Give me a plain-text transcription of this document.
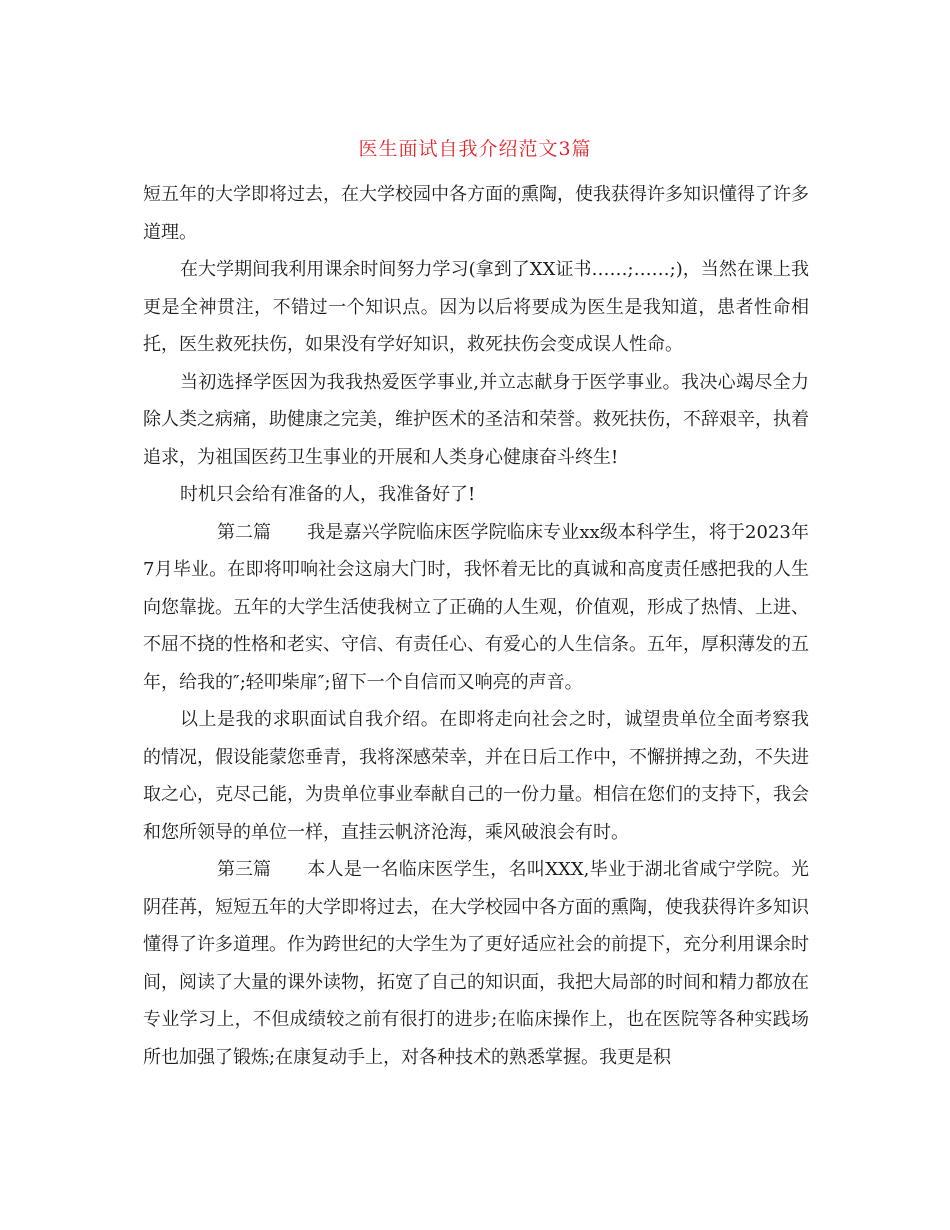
医生面试自我介绍范文3篇

短五年的大学即将过去，在大学校园中各方面的熏陶，使我获得许多知识懂得了许多道理。

在大学期间我利用课余时间努力学习(拿到了XX证书……;……;)，当然在课上我更是全神贯注，不错过一个知识点。因为以后将要成为医生是我知道，患者性命相托，医生救死扶伤，如果没有学好知识，救死扶伤会变成误人性命。

当初选择学医因为我我热爱医学事业,并立志献身于医学事业。我决心竭尽全力除人类之病痛，助健康之完美，维护医术的圣洁和荣誉。救死扶伤，不辞艰辛，执着追求，为祖国医药卫生事业的开展和人类身心健康奋斗终生!

时机只会给有准备的人，我准备好了!

第二篇 我是嘉兴学院临床医学院临床专业xx级本科学生，将于2023年7月毕业。在即将叩响社会这扇大门时，我怀着无比的真诚和高度责任感把我的人生向您靠拢。五年的大学生活使我树立了正确的人生观，价值观，形成了热情、上进、不屈不挠的性格和老实、守信、有责任心、有爱心的人生信条。五年，厚积薄发的五年，给我的″;轻叩柴扉″;留下一个自信而又响亮的声音。

以上是我的求职面试自我介绍。在即将走向社会之时，诚望贵单位全面考察我的情况，假设能蒙您垂青，我将深感荣幸，并在日后工作中，不懈拼搏之劲，不失进取之心，克尽己能，为贵单位事业奉献自己的一份力量。相信在您们的支持下，我会和您所领导的单位一样，直挂云帆济沧海，乘风破浪会有时。

第三篇 本人是一名临床医学生，名叫XXX,毕业于湖北省咸宁学院。光阴荏苒，短短五年的大学即将过去，在大学校园中各方面的熏陶，使我获得许多知识懂得了许多道理。作为跨世纪的大学生为了更好适应社会的前提下，充分利用课余时间，阅读了大量的课外读物，拓宽了自己的知识面，我把大局部的时间和精力都放在专业学习上，不但成绩较之前有很打的进步;在临床操作上，也在医院等各种实践场所也加强了锻炼;在康复动手上，对各种技术的熟悉掌握。我更是积
